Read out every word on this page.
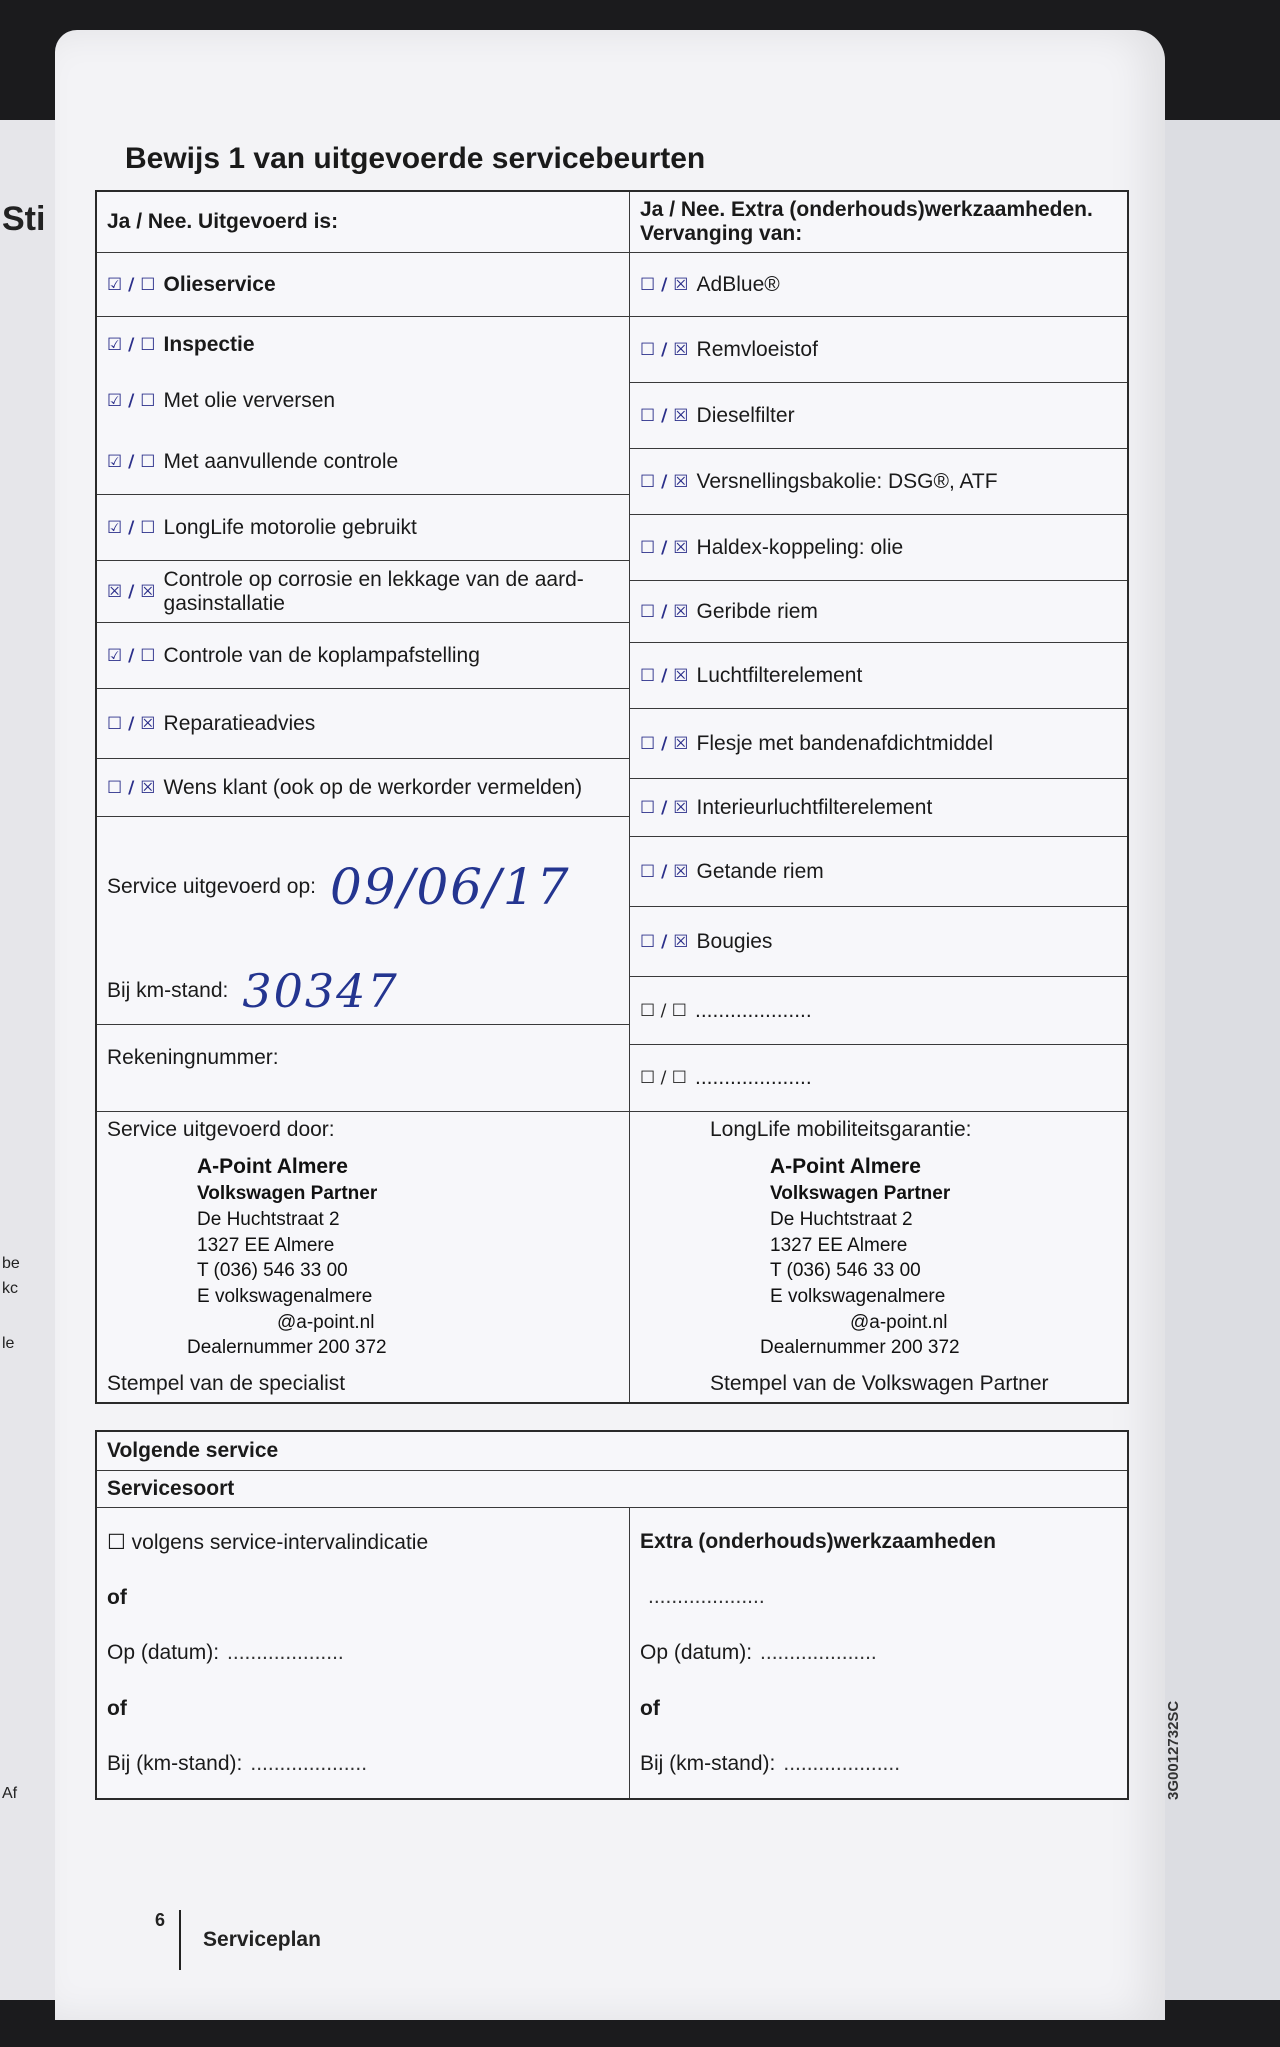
Sti
be
kc
le
Af	3G0012732SC
Bewijs 1 van uitgevoerde servicebeurten
Ja / Nee. Uitgevoerd is:
Ja / Nee. Extra (onderhouds)werkzaamheden. Vervanging van:
☑ / ☐ Olieservice
☑ / ☐ Inspectie
☑ / ☐ Met olie verversen
☑ / ☐ Met aanvullende controle
☑ / ☐ LongLife motorolie gebruikt
☒ / ☒
Controle op corrosie en lekkage van de aard- gasinstallatie
☑ / ☐ Controle van de koplampafstelling
☐ / ☒ Reparatieadvies
☐ / ☒ Wens klant (ook op de werkorder vermelden)
Service uitgevoerd op: 09/06/17
Bij km-stand: 30347
Rekeningnummer:
☐ / ☒ AdBlue®
☐ / ☒ Remvloeistof
☐ / ☒ Dieselfilter
☐ / ☒ Versnellingsbakolie: DSG®, ATF
☐ / ☒ Haldex-koppeling: olie
☐ / ☒ Geribde riem
☐ / ☒ Luchtfilterelement
☐ / ☒ Flesje met bandenafdichtmiddel
☐ / ☒ Interieurluchtfilterelement
☐ / ☒ Getande riem
☐ / ☒ Bougies
☐ / ☐ ....................
☐ / ☐ ....................
Service uitgevoerd door:
A-Point Almere
Volkswagen Partner
De Huchtstraat 2
1327 EE Almere
T (036) 546 33 00
E volkswagenalmere
@a-point.nl
Dealernummer 200 372
Stempel van de specialist
LongLife mobiliteitsgarantie:
A-Point Almere
Volkswagen Partner
De Huchtstraat 2
1327 EE Almere
T (036) 546 33 00
E volkswagenalmere
@a-point.nl
Dealernummer 200 372
Stempel van de Volkswagen Partner
Volgende service
Servicesoort
☐ volgens service-intervalindicatie
of
Op (datum): ....................
of
Bij (km-stand): ....................
Extra (onderhouds)werkzaamheden
....................
Op (datum): ....................
of
Bij (km-stand): ....................
6
Serviceplan
